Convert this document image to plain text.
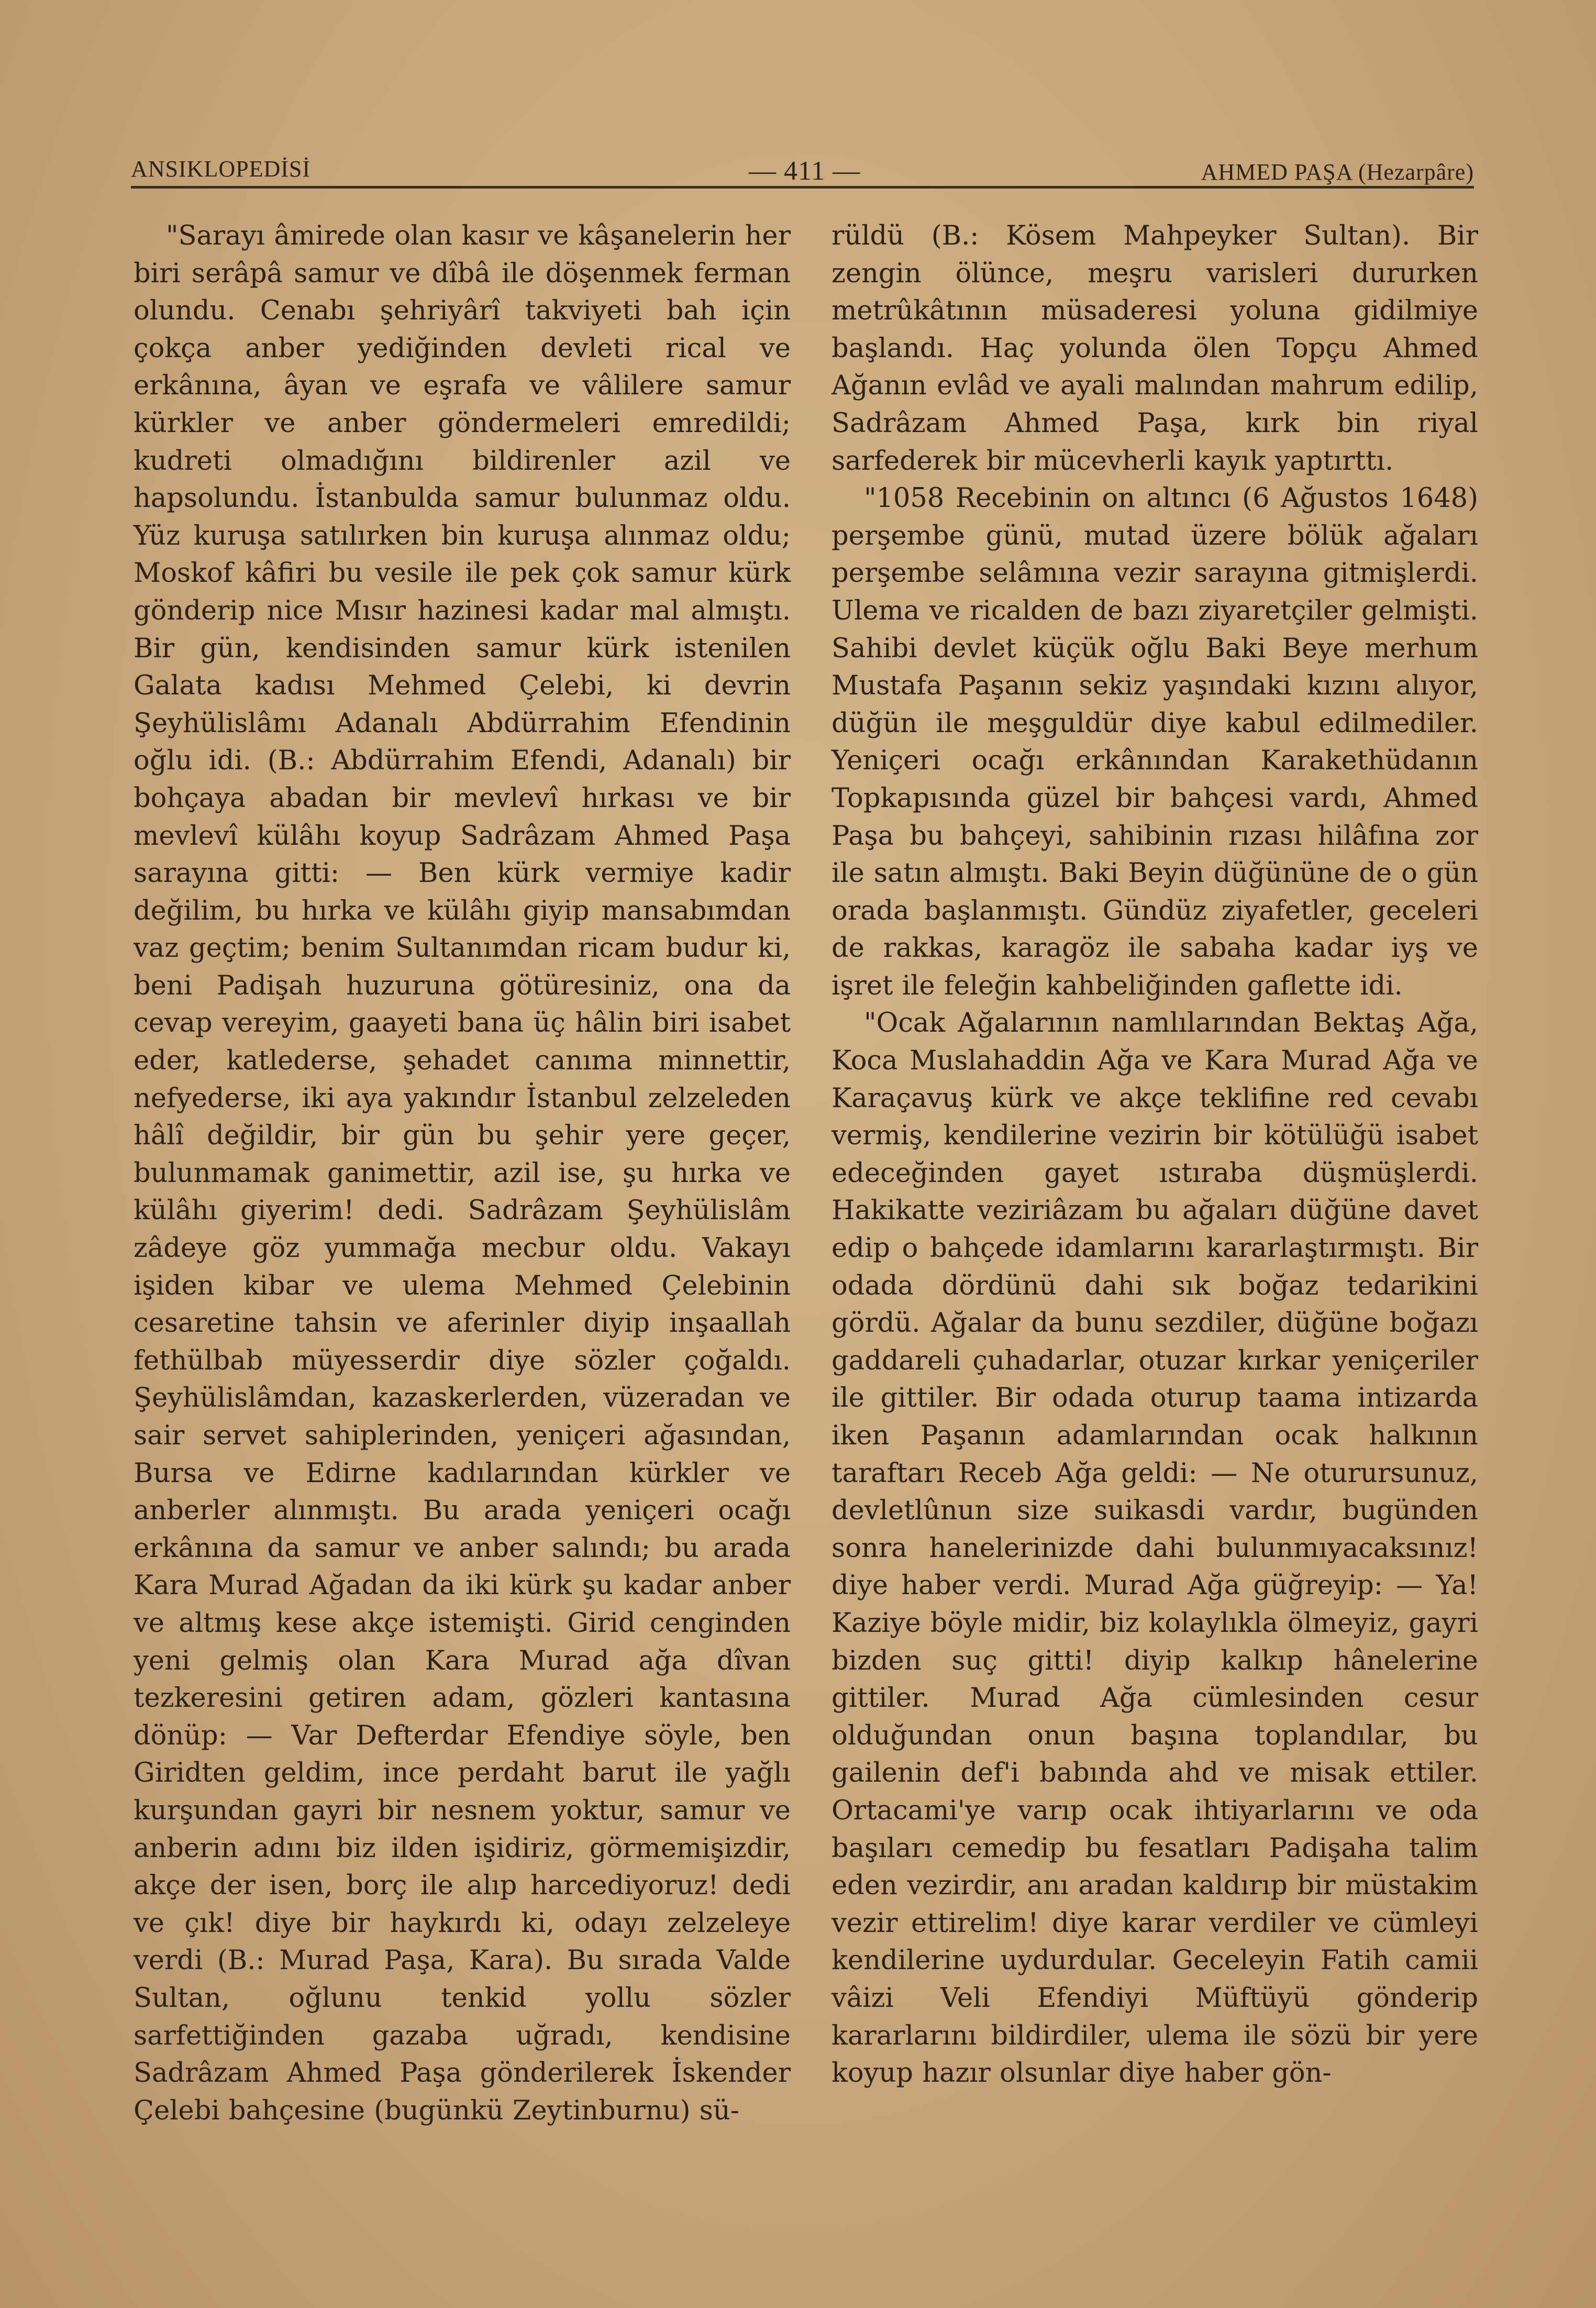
ANSIKLOPEDİSİ	— 411 —	AHMED PAŞA (Hezarpâre)

"Sarayı âmirede olan kasır ve kâşanelerin her biri serâpâ samur ve dîbâ ile döşenmek ferman olundu. Cenabı şehriyârî takviyeti bah için çokça anber yediğinden devleti rical ve erkânına, âyan ve eşrafa ve vâlilere samur kürkler ve anber göndermeleri emredildi; kudreti olmadığını bildirenler azil ve hapsolundu. İstanbulda samur bulunmaz oldu. Yüz kuruşa satılırken bin kuruşa alınmaz oldu; Moskof kâfiri bu vesile ile pek çok samur kürk gönderip nice Mısır hazinesi kadar mal almıştı. Bir gün, kendisinden samur kürk istenilen Galata kadısı Mehmed Çelebi, ki devrin Şeyhülislâmı Adanalı Abdürrahim Efendinin oğlu idi. (B.: Abdürrahim Efendi, Adanalı) bir bohçaya abadan bir mevlevî hırkası ve bir mevlevî külâhı koyup Sadrâzam Ahmed Paşa sarayına gitti: — Ben kürk vermiye kadir değilim, bu hırka ve külâhı giyip mansabımdan vaz geçtim; benim Sultanımdan ricam budur ki, beni Padişah huzuruna götüresiniz, ona da cevap vereyim, gaayeti bana üç hâlin biri isabet eder, katlederse, şehadet canıma minnettir, nefyederse, iki aya yakındır İstanbul zelzeleden hâlî değildir, bir gün bu şehir yere geçer, bulunmamak ganimettir, azil ise, şu hırka ve külâhı giyerim! dedi. Sadrâzam Şeyhülislâm zâdeye göz yummağa mecbur oldu. Vakayı işiden kibar ve ulema Mehmed Çelebinin cesaretine tahsin ve aferinler diyip inşaallah fethülbab müyesserdir diye sözler çoğaldı. Şeyhülislâmdan, kazaskerlerden, vüzeradan ve sair servet sahiplerinden, yeniçeri ağasından, Bursa ve Edirne kadılarından kürkler ve anberler alınmıştı. Bu arada yeniçeri ocağı erkânına da samur ve anber salındı; bu arada Kara Murad Ağadan da iki kürk şu kadar anber ve altmış kese akçe istemişti. Girid cenginden yeni gelmiş olan Kara Murad ağa dîvan tezkeresini getiren adam, gözleri kantasına dönüp: — Var Defterdar Efendiye söyle, ben Giridten geldim, ince perdaht barut ile yağlı kurşundan gayri bir nesnem yoktur, samur ve anberin adını biz ilden işidiriz, görmemişizdir, akçe der isen, borç ile alıp harcediyoruz! dedi ve çık! diye bir haykırdı ki, odayı zelzeleye verdi (B.: Murad Paşa, Kara). Bu sırada Valde Sultan, oğlunu tenkid yollu sözler sarfettiğinden gazaba uğradı, kendisine Sadrâzam Ahmed Paşa gönderilerek İskender Çelebi bahçesine (bugünkü Zeytinburnu) sü-

rüldü (B.: Kösem Mahpeyker Sultan). Bir zengin ölünce, meşru varisleri dururken metrûkâtının müsaderesi yoluna gidilmiye başlandı. Haç yolunda ölen Topçu Ahmed Ağanın evlâd ve ayali malından mahrum edilip, Sadrâzam Ahmed Paşa, kırk bin riyal sarfederek bir mücevherli kayık yaptırttı.

"1058 Recebinin on altıncı (6 Ağustos 1648) perşembe günü, mutad üzere bölük ağaları perşembe selâmına vezir sarayına gitmişlerdi. Ulema ve ricalden de bazı ziyaretçiler gelmişti. Sahibi devlet küçük oğlu Baki Beye merhum Mustafa Paşanın sekiz yaşındaki kızını alıyor, düğün ile meşguldür diye kabul edilmediler. Yeniçeri ocağı erkânından Karakethüdanın Topkapısında güzel bir bahçesi vardı, Ahmed Paşa bu bahçeyi, sahibinin rızası hilâfına zor ile satın almıştı. Baki Beyin düğününe de o gün orada başlanmıştı. Gündüz ziyafetler, geceleri de rakkas, karagöz ile sabaha kadar iyş ve işret ile feleğin kahbeliğinden gaflette idi.

"Ocak Ağalarının namlılarından Bektaş Ağa, Koca Muslahaddin Ağa ve Kara Murad Ağa ve Karaçavuş kürk ve akçe teklifine red cevabı vermiş, kendilerine vezirin bir kötülüğü isabet edeceğinden gayet ıstıraba düşmüşlerdi. Hakikatte veziriâzam bu ağaları düğüne davet edip o bahçede idamlarını kararlaştırmıştı. Bir odada dördünü dahi sık boğaz tedarikini gördü. Ağalar da bunu sezdiler, düğüne boğazı gaddareli çuhadarlar, otuzar kırkar yeniçeriler ile gittiler. Bir odada oturup taama intizarda iken Paşanın adamlarından ocak halkının taraftarı Receb Ağa geldi: — Ne oturursunuz, devletlûnun size suikasdi vardır, bugünden sonra hanelerinizde dahi bulunmıyacaksınız! diye haber verdi. Murad Ağa güğreyip: — Ya! Kaziye böyle midir, biz kolaylıkla ölmeyiz, gayri bizden suç gitti! diyip kalkıp hânelerine gittiler. Murad Ağa cümlesinden cesur olduğundan onun başına toplandılar, bu gailenin def'i babında ahd ve misak ettiler. Ortacami'ye varıp ocak ihtiyarlarını ve oda başıları cemedip bu fesatları Padişaha talim eden vezirdir, anı aradan kaldırıp bir müstakim vezir ettirelim! diye karar verdiler ve cümleyi kendilerine uydurdular. Geceleyin Fatih camii vâizi Veli Efendiyi Müftüyü gönderip kararlarını bildirdiler, ulema ile sözü bir yere koyup hazır olsunlar diye haber gön-
